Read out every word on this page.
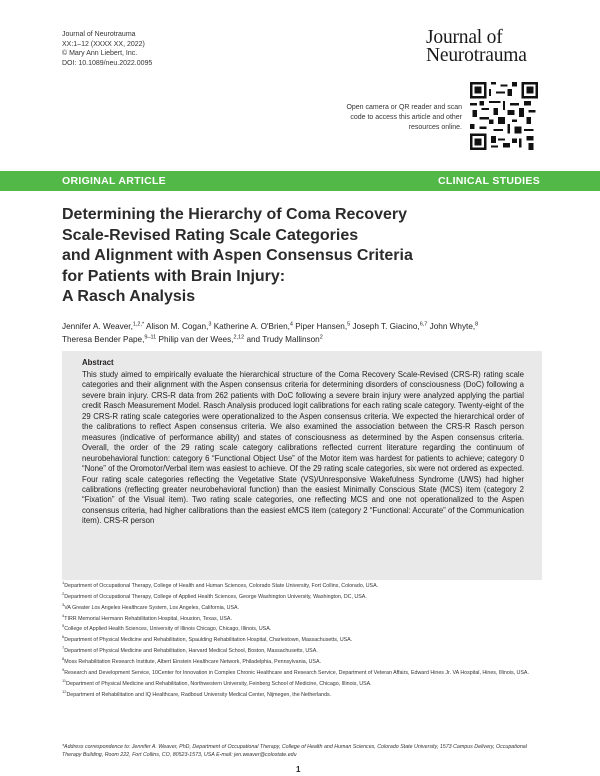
Journal of Neurotrauma
XX:1–12 (XXXX XX, 2022)
© Mary Ann Liebert, Inc.
DOI: 10.1089/neu.2022.0095
Journal of
Neurotrauma
Open camera or QR reader and scan code to access this article and other resources online.
ORIGINAL ARTICLE	CLINICAL STUDIES
Determining the Hierarchy of Coma Recovery
Scale-Revised Rating Scale Categories
and Alignment with Aspen Consensus Criteria
for Patients with Brain Injury:
A Rasch Analysis
Jennifer A. Weaver,$^{1,2,*}$ Alison M. Cogan,$^3$ Katherine A. O'Brien,$^4$ Piper Hansen,$^5$ Joseph T. Giacino,$^{6,7}$ John Whyte,$^8$
Theresa Bender Pape,$^{9-11}$ Philip van der Wees,$^{2,12}$ and Trudy Mallinson$^2$
Abstract
This study aimed to empirically evaluate the hierarchical structure of the Coma Recovery Scale-Revised (CRS-R) rating scale categories and their alignment with the Aspen consensus criteria for determining disorders of consciousness (DoC) following a severe brain injury. CRS-R data from 262 patients with DoC following a severe brain injury were analyzed applying the partial credit Rasch Measurement Model. Rasch Analysis produced logit calibrations for each rating scale category. Twenty-eight of the 29 CRS-R rating scale categories were operationalized to the Aspen consensus criteria. We expected the hierarchical order of the calibrations to reflect Aspen consensus criteria. We also examined the association between the CRS-R Rasch person measures (indicative of performance ability) and states of consciousness as determined by the Aspen consensus criteria. Overall, the order of the 29 rating scale category calibrations reflected current literature regarding the continuum of neurobehavioral function: category 6 “Functional Object Use” of the Motor item was hardest for patients to achieve; category 0 “None” of the Oromotor/Verbal item was easiest to achieve. Of the 29 rating scale categories, six were not ordered as expected. Four rating scale categories reflecting the Vegetative State (VS)/Unresponsive Wakefulness Syndrome (UWS) had higher calibrations (reflecting greater neurobehavioral function) than the easiest Minimally Conscious State (MCS) item (category 2 “Fixation” of the Visual item). Two rating scale categories, one reflecting MCS and one not operationalized to the Aspen consensus criteria, had higher calibrations than the easiest eMCS item (category 2 “Functional: Accurate” of the Communication item). CRS-R person
$^1$Department of Occupational Therapy, College of Health and Human Sciences, Colorado State University, Fort Collins, Colorado, USA.
$^2$Department of Occupational Therapy, College of Applied Health Sciences, George Washington University, Washington, DC, USA.
$^3$VA Greater Los Angeles Healthcare System, Los Angeles, California, USA.
$^4$TIRR Memorial Hermann Rehabilitation Hospital, Houston, Texas, USA.
$^5$College of Applied Health Sciences, University of Illinois Chicago, Chicago, Illinois, USA.
$^6$Department of Physical Medicine and Rehabilitation, Spaulding Rehabilitation Hospital, Charlestown, Massachusetts, USA.
$^7$Department of Physical Medicine and Rehabilitation, Harvard Medical School, Boston, Massachusetts, USA.
$^8$Moss Rehabilitation Research Institute, Albert Einstein Healthcare Network, Philadelphia, Pennsylvania, USA.
$^9$Research and Development Service, 10Center for Innovation in Complex Chronic Healthcare and Research Service, Department of Veteran Affairs, Edward Hines Jr. VA Hospital, Hines, Illinois, USA.
$^{11}$Department of Physical Medicine and Rehabilitation, Northwestern University, Feinberg School of Medicine, Chicago, Illinois, USA.
$^{12}$Department of Rehabilitation and IQ Healthcare, Radboud University Medical Center, Nijmegen, the Netherlands.
*Address correspondence to: Jennifer A. Weaver, PhD, Department of Occupational Therapy, College of Health and Human Sciences, Colorado State University, 1573 Campus Delivery, Occupational Therapy Building, Room 222, Fort Collins, CO, 80523-1573, USA E-mail: jen.weaver@colostate.edu
1
